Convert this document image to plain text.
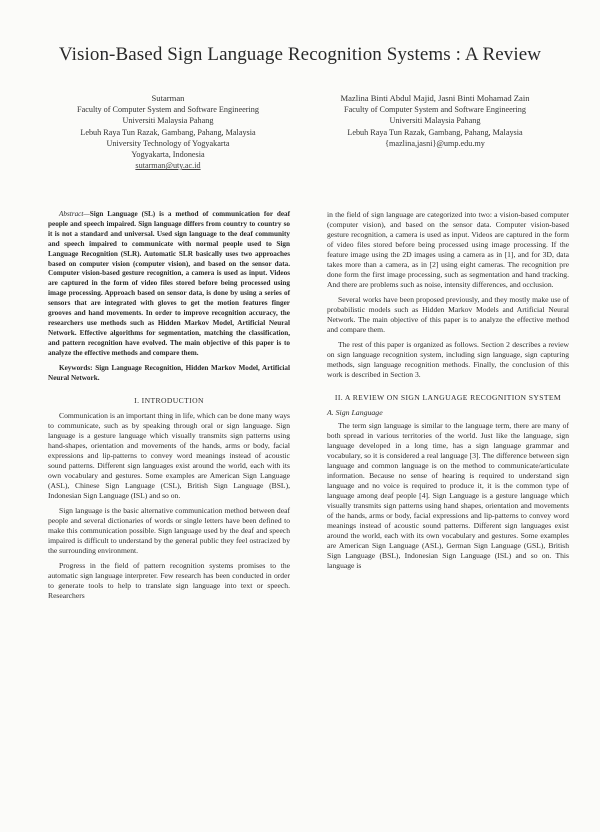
Vision-Based Sign Language Recognition Systems : A Review
Sutarman
Faculty of Computer System and Software Engineering
Universiti Malaysia Pahang
Lebuh Raya Tun Razak, Gambang, Pahang, Malaysia
University Technology of Yogyakarta
Yogyakarta, Indonesia
sutarman@uty.ac.id
Mazlina Binti Abdul Majid, Jasni Binti Mohamad Zain
Faculty of Computer System and Software Engineering
Universiti Malaysia Pahang
Lebuh Raya Tun Razak, Gambang, Pahang, Malaysia
{mazlina,jasni}@ump.edu.my

Abstract—Sign Language (SL) is a method of communication for deaf people and speech impaired. Sign language differs from country to country so it is not a standard and universal. Used sign language to the deaf community and speech impaired to communicate with normal people used to Sign Language Recognition (SLR). Automatic SLR basically uses two approaches based on computer vision (computer vision), and based on the sensor data. Computer vision-based gesture recognition, a camera is used as input. Videos are captured in the form of video files stored before being processed using image processing. Approach based on sensor data, is done by using a series of sensors that are integrated with gloves to get the motion features finger grooves and hand movements. In order to improve recognition accuracy, the researchers use methods such as Hidden Markov Model, Artificial Neural Network. Effective algorithms for segmentation, matching the classification, and pattern recognition have evolved. The main objective of this paper is to analyze the effective methods and compare them.

Keywords: Sign Language Recognition, Hidden Markov Model, Artificial Neural Network.

I. INTRODUCTION

Communication is an important thing in life, which can be done many ways to communicate, such as by speaking through oral or sign language. Sign language is a gesture language which visually transmits sign patterns using hand-shapes, orientation and movements of the hands, arms or body, facial expressions and lip-patterns to convey word meanings instead of acoustic sound patterns. Different sign languages exist around the world, each with its own vocabulary and gestures. Some examples are American Sign Language (ASL), Chinese Sign Language (CSL), British Sign Language (BSL), Indonesian Sign Language (ISL) and so on.

Sign language is the basic alternative communication method between deaf people and several dictionaries of words or single letters have been defined to make this communication possible. Sign language used by the deaf and speech impaired is difficult to understand by the general public they feel ostracized by the surrounding environment.

Progress in the field of pattern recognition systems promises to the automatic sign language interpreter. Few research has been conducted in order to generate tools to help to translate sign language into text or speech. Researchers

in the field of sign language are categorized into two: a vision-based computer (computer vision), and based on the sensor data. Computer vision-based gesture recognition, a camera is used as input. Videos are captured in the form of video files stored before being processed using image processing. If the feature image using the 2D images using a camera as in [1], and for 3D, data takes more than a camera, as in [2] using eight cameras. The recognition pre done form the first image processing, such as segmentation and hand tracking. And there are problems such as noise, intensity differences, and occlusion.

Several works have been proposed previously, and they mostly make use of probabilistic models such as Hidden Markov Models and Artificial Neural Network. The main objective of this paper is to analyze the effective method and compare them.

The rest of this paper is organized as follows. Section 2 describes a review on sign language recognition system, including sign language, sign capturing methods, sign language recognition methods. Finally, the conclusion of this work is described in Section 3.

II. A REVIEW ON SIGN LANGUAGE RECOGNITION SYSTEM
A. Sign Language

The term sign language is similar to the language term, there are many of both spread in various territories of the world. Just like the language, sign language developed in a long time, has a sign language grammar and vocabulary, so it is considered a real language [3]. The difference between sign language and common language is on the method to communicate/articulate information. Because no sense of hearing is required to understand sign language and no voice is required to produce it, it is the common type of language among deaf people [4]. Sign Language is a gesture language which visually transmits sign patterns using hand shapes, orientation and movements of the hands, arms or body, facial expressions and lip-patterns to convey word meanings instead of acoustic sound patterns. Different sign languages exist around the world, each with its own vocabulary and gestures. Some examples are American Sign Language (ASL), German Sign Language (GSL), British Sign Language (BSL), Indonesian Sign Language (ISL) and so on. This language is
